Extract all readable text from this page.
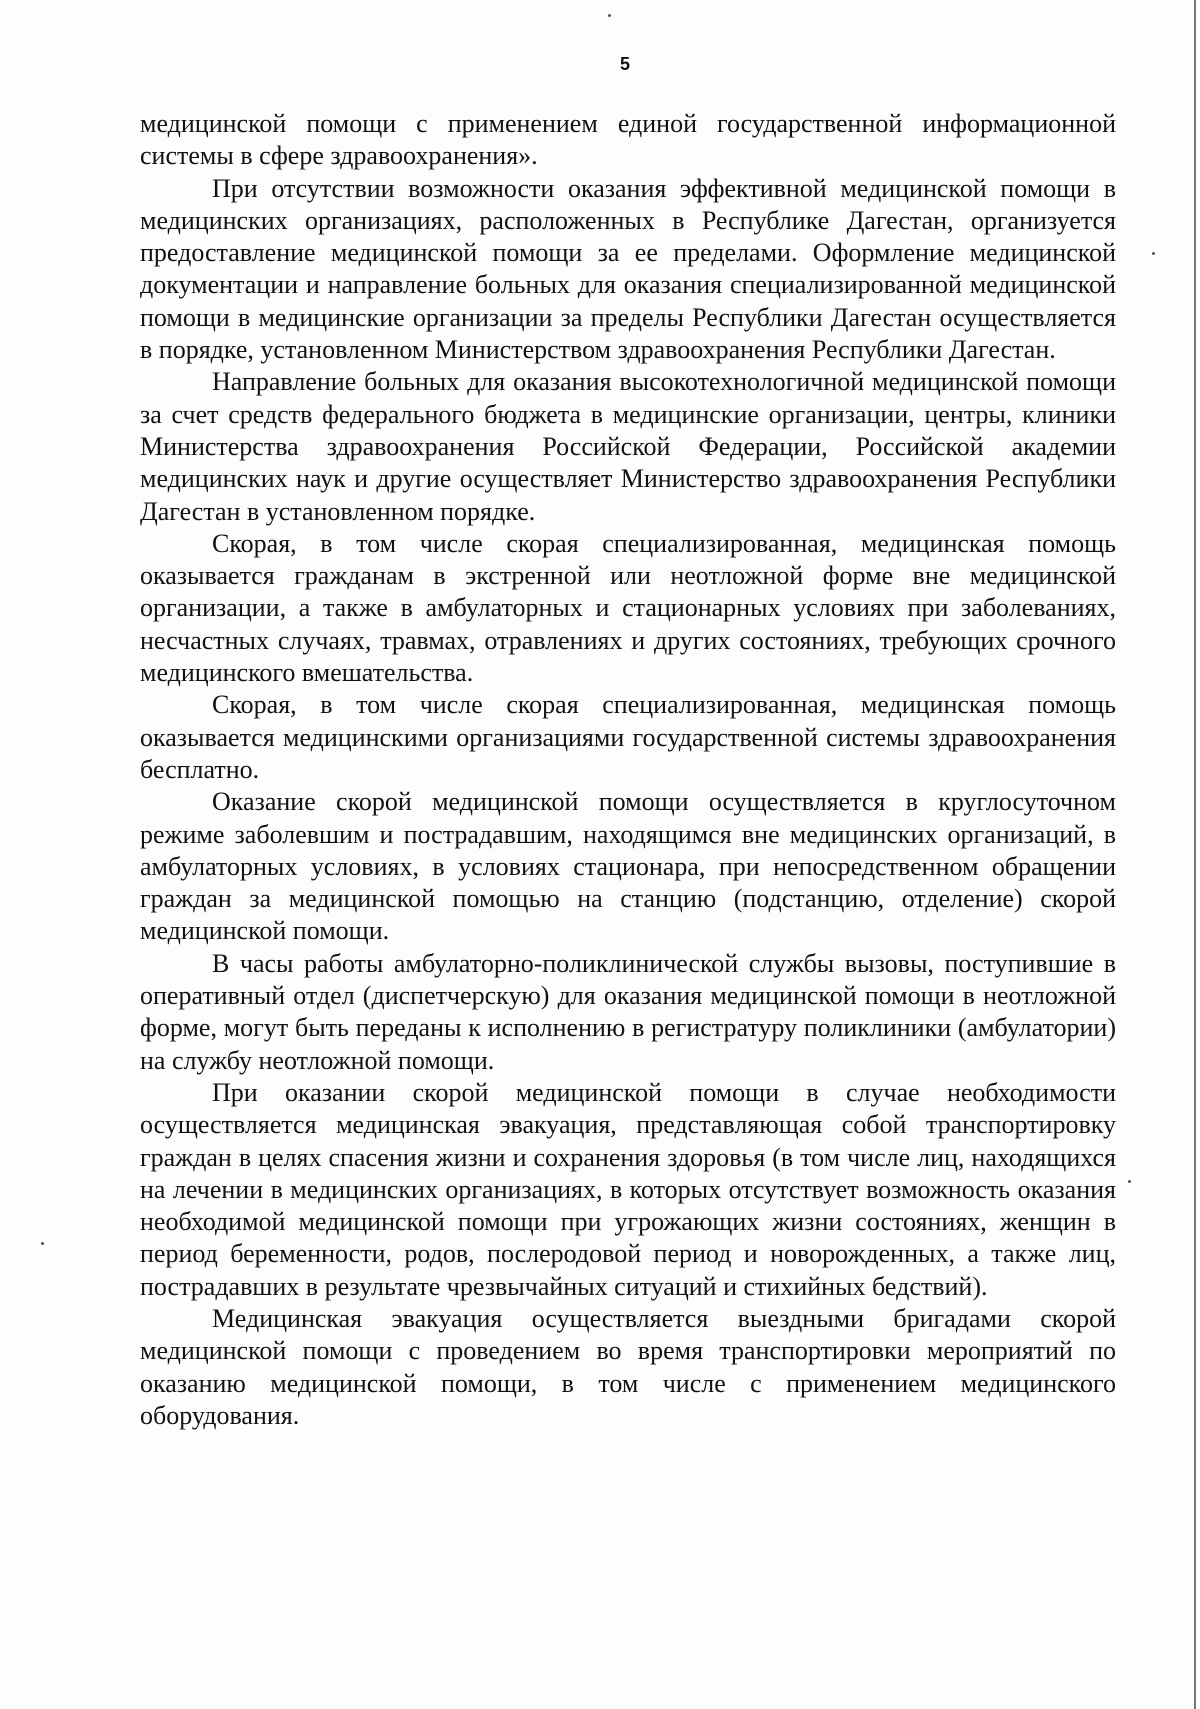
5

медицинской помощи с применением единой государственной информационной системы в сфере здравоохранения».

При отсутствии возможности оказания эффективной медицинской помощи в медицинских организациях, расположенных в Республике Дагестан, организуется предоставление медицинской помощи за ее пределами. Оформление медицинской документации и направление больных для оказания специализированной медицинской помощи в медицинские организации за пределы Республики Дагестан осуществляется в порядке, установленном Министерством здравоохранения Республики Дагестан.

Направление больных для оказания высокотехнологичной медицинской помощи за счет средств федерального бюджета в медицинские организации, центры, клиники Министерства здравоохранения Российской Федерации, Российской академии медицинских наук и другие осуществляет Министерство здравоохранения Республики Дагестан в установленном порядке.

Скорая, в том числе скорая специализированная, медицинская помощь оказывается гражданам в экстренной или неотложной форме вне медицинской организации, а также в амбулаторных и стационарных условиях при заболеваниях, несчастных случаях, травмах, отравлениях и других состояниях, требующих срочного медицинского вмешательства.

Скорая, в том числе скорая специализированная, медицинская помощь оказывается медицинскими организациями государственной системы здравоохранения бесплатно.

Оказание скорой медицинской помощи осуществляется в круглосуточном режиме заболевшим и пострадавшим, находящимся вне медицинских организаций, в амбулаторных условиях, в условиях стационара, при непосредственном обращении граждан за медицинской помощью на станцию (подстанцию, отделение) скорой медицинской помощи.

В часы работы амбулаторно-поликлинической службы вызовы, поступившие в оперативный отдел (диспетчерскую) для оказания медицинской помощи в неотложной форме, могут быть переданы к исполнению в регистратуру поликлиники (амбулатории) на службу неотложной помощи.

При оказании скорой медицинской помощи в случае необходимости осуществляется медицинская эвакуация, представляющая собой транспортировку граждан в целях спасения жизни и сохранения здоровья (в том числе лиц, находящихся на лечении в медицинских организациях, в которых отсутствует возможность оказания необходимой медицинской помощи при угрожающих жизни состояниях, женщин в период беременности, родов, послеродовой период и новорожденных, а также лиц, пострадавших в результате чрезвычайных ситуаций и стихийных бедствий).

Медицинская эвакуация осуществляется выездными бригадами скорой медицинской помощи с проведением во время транспортировки мероприятий по оказанию медицинской помощи, в том числе с применением медицинского оборудования.
